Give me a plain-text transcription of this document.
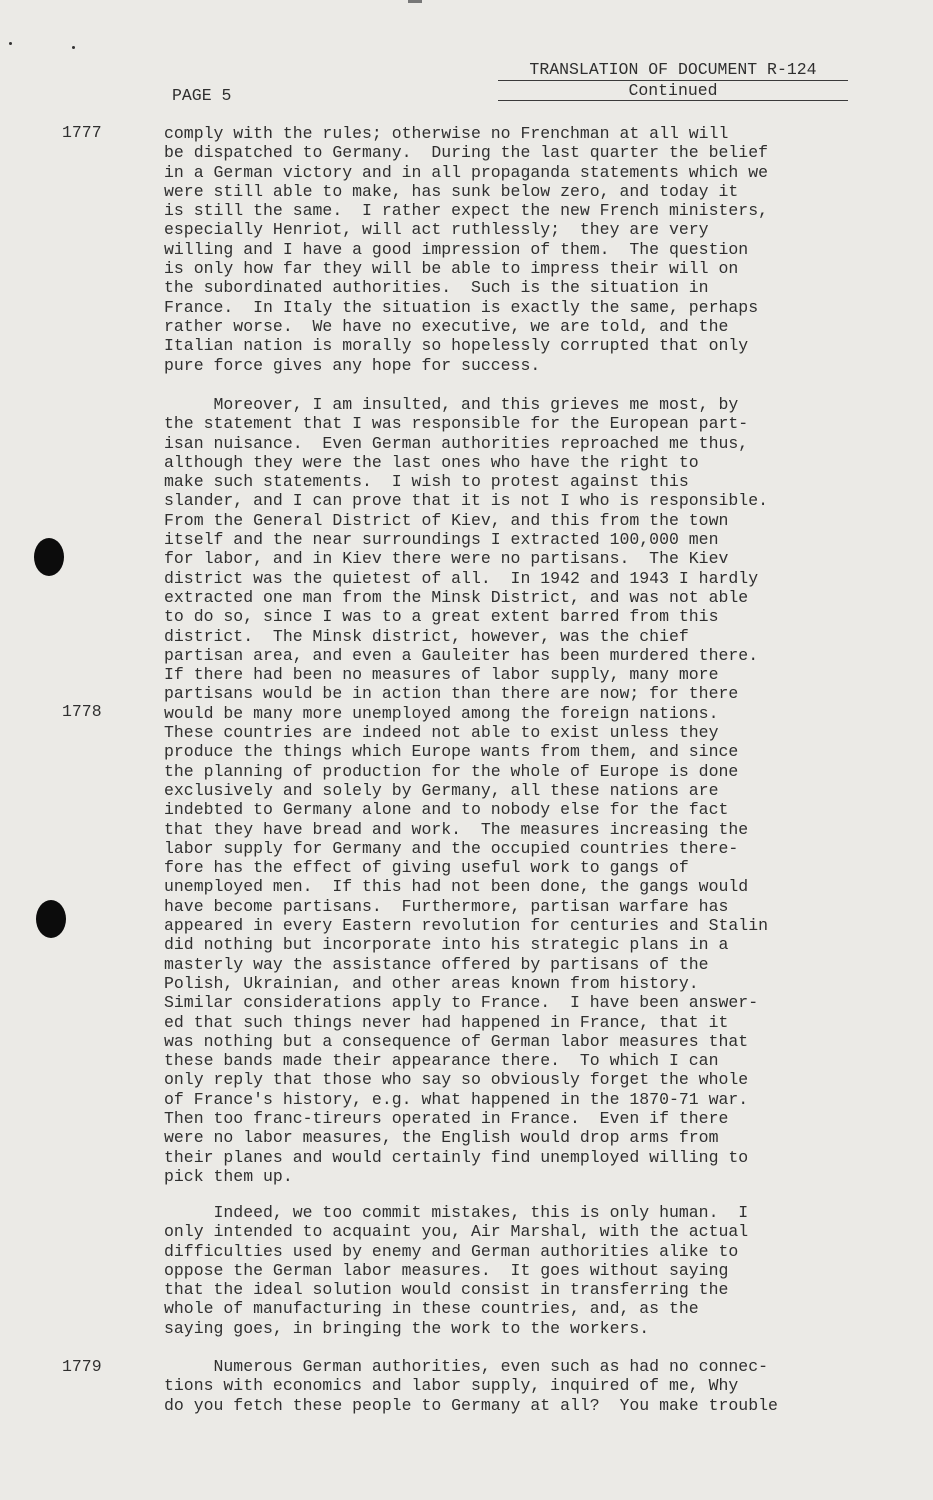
TRANSLATION OF DOCUMENT R-124
Continued
PAGE 5
1777
1778
1779
comply with the rules; otherwise no Frenchman at all will
be dispatched to Germany.  During the last quarter the belief
in a German victory and in all propaganda statements which we
were still able to make, has sunk below zero, and today it
is still the same.  I rather expect the new French ministers,
especially Henriot, will act ruthlessly;  they are very
willing and I have a good impression of them.  The question
is only how far they will be able to impress their will on
the subordinated authorities.  Such is the situation in
France.  In Italy the situation is exactly the same, perhaps
rather worse.  We have no executive, we are told, and the
Italian nation is morally so hopelessly corrupted that only
pure force gives any hope for success.
Moreover, I am insulted, and this grieves me most, by
the statement that I was responsible for the European part-
isan nuisance.  Even German authorities reproached me thus,
although they were the last ones who have the right to
make such statements.  I wish to protest against this
slander, and I can prove that it is not I who is responsible.
From the General District of Kiev, and this from the town
itself and the near surroundings I extracted 100,000 men
for labor, and in Kiev there were no partisans.  The Kiev
district was the quietest of all.  In 1942 and 1943 I hardly
extracted one man from the Minsk District, and was not able
to do so, since I was to a great extent barred from this
district.  The Minsk district, however, was the chief
partisan area, and even a Gauleiter has been murdered there.
If there had been no measures of labor supply, many more
partisans would be in action than there are now; for there
would be many more unemployed among the foreign nations.
These countries are indeed not able to exist unless they
produce the things which Europe wants from them, and since
the planning of production for the whole of Europe is done
exclusively and solely by Germany, all these nations are
indebted to Germany alone and to nobody else for the fact
that they have bread and work.  The measures increasing the
labor supply for Germany and the occupied countries there-
fore has the effect of giving useful work to gangs of
unemployed men.  If this had not been done, the gangs would
have become partisans.  Furthermore, partisan warfare has
appeared in every Eastern revolution for centuries and Stalin
did nothing but incorporate into his strategic plans in a
masterly way the assistance offered by partisans of the
Polish, Ukrainian, and other areas known from history.
Similar considerations apply to France.  I have been answer-
ed that such things never had happened in France, that it
was nothing but a consequence of German labor measures that
these bands made their appearance there.  To which I can
only reply that those who say so obviously forget the whole
of France's history, e.g. what happened in the 1870-71 war.
Then too franc-tireurs operated in France.  Even if there
were no labor measures, the English would drop arms from
their planes and would certainly find unemployed willing to
pick them up.
Indeed, we too commit mistakes, this is only human.  I
only intended to acquaint you, Air Marshal, with the actual
difficulties used by enemy and German authorities alike to
oppose the German labor measures.  It goes without saying
that the ideal solution would consist in transferring the
whole of manufacturing in these countries, and, as the
saying goes, in bringing the work to the workers.
Numerous German authorities, even such as had no connec-
tions with economics and labor supply, inquired of me, Why
do you fetch these people to Germany at all?  You make trouble
